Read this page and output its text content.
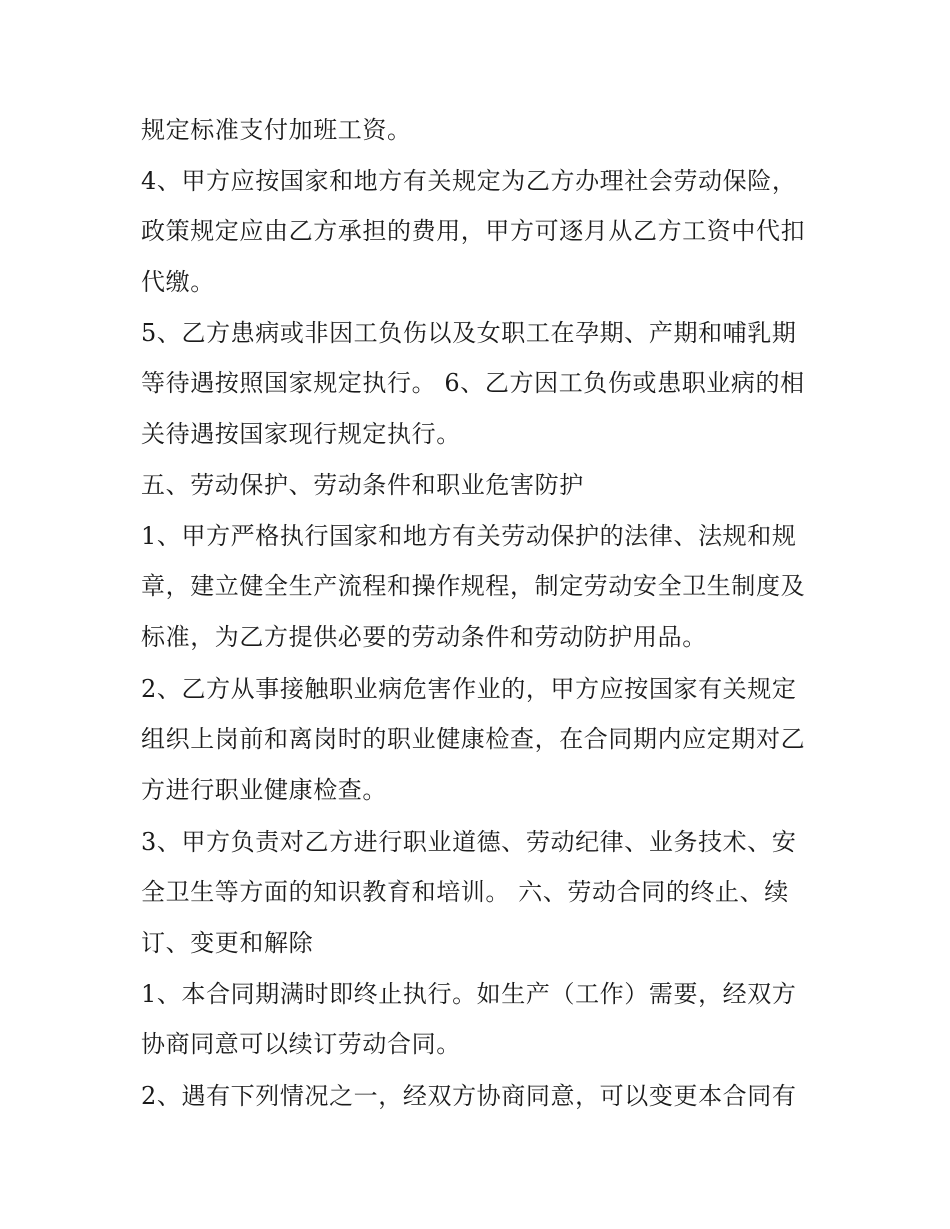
规定标准支付加班工资。
4、甲方应按国家和地方有关规定为乙方办理社会劳动保险，
政策规定应由乙方承担的费用，甲方可逐月从乙方工资中代扣
代缴。
5、乙方患病或非因工负伤以及女职工在孕期、产期和哺乳期
等待遇按照国家规定执行。 6、乙方因工负伤或患职业病的相
关待遇按国家现行规定执行。
五、劳动保护、劳动条件和职业危害防护
1、甲方严格执行国家和地方有关劳动保护的法律、法规和规
章，建立健全生产流程和操作规程，制定劳动安全卫生制度及
标准，为乙方提供必要的劳动条件和劳动防护用品。
2、乙方从事接触职业病危害作业的，甲方应按国家有关规定
组织上岗前和离岗时的职业健康检查，在合同期内应定期对乙
方进行职业健康检查。
3、甲方负责对乙方进行职业道德、劳动纪律、业务技术、安
全卫生等方面的知识教育和培训。 六、劳动合同的终止、续
订、变更和解除
1、本合同期满时即终止执行。如生产（工作）需要，经双方
协商同意可以续订劳动合同。
2、遇有下列情况之一，经双方协商同意，可以变更本合同有
